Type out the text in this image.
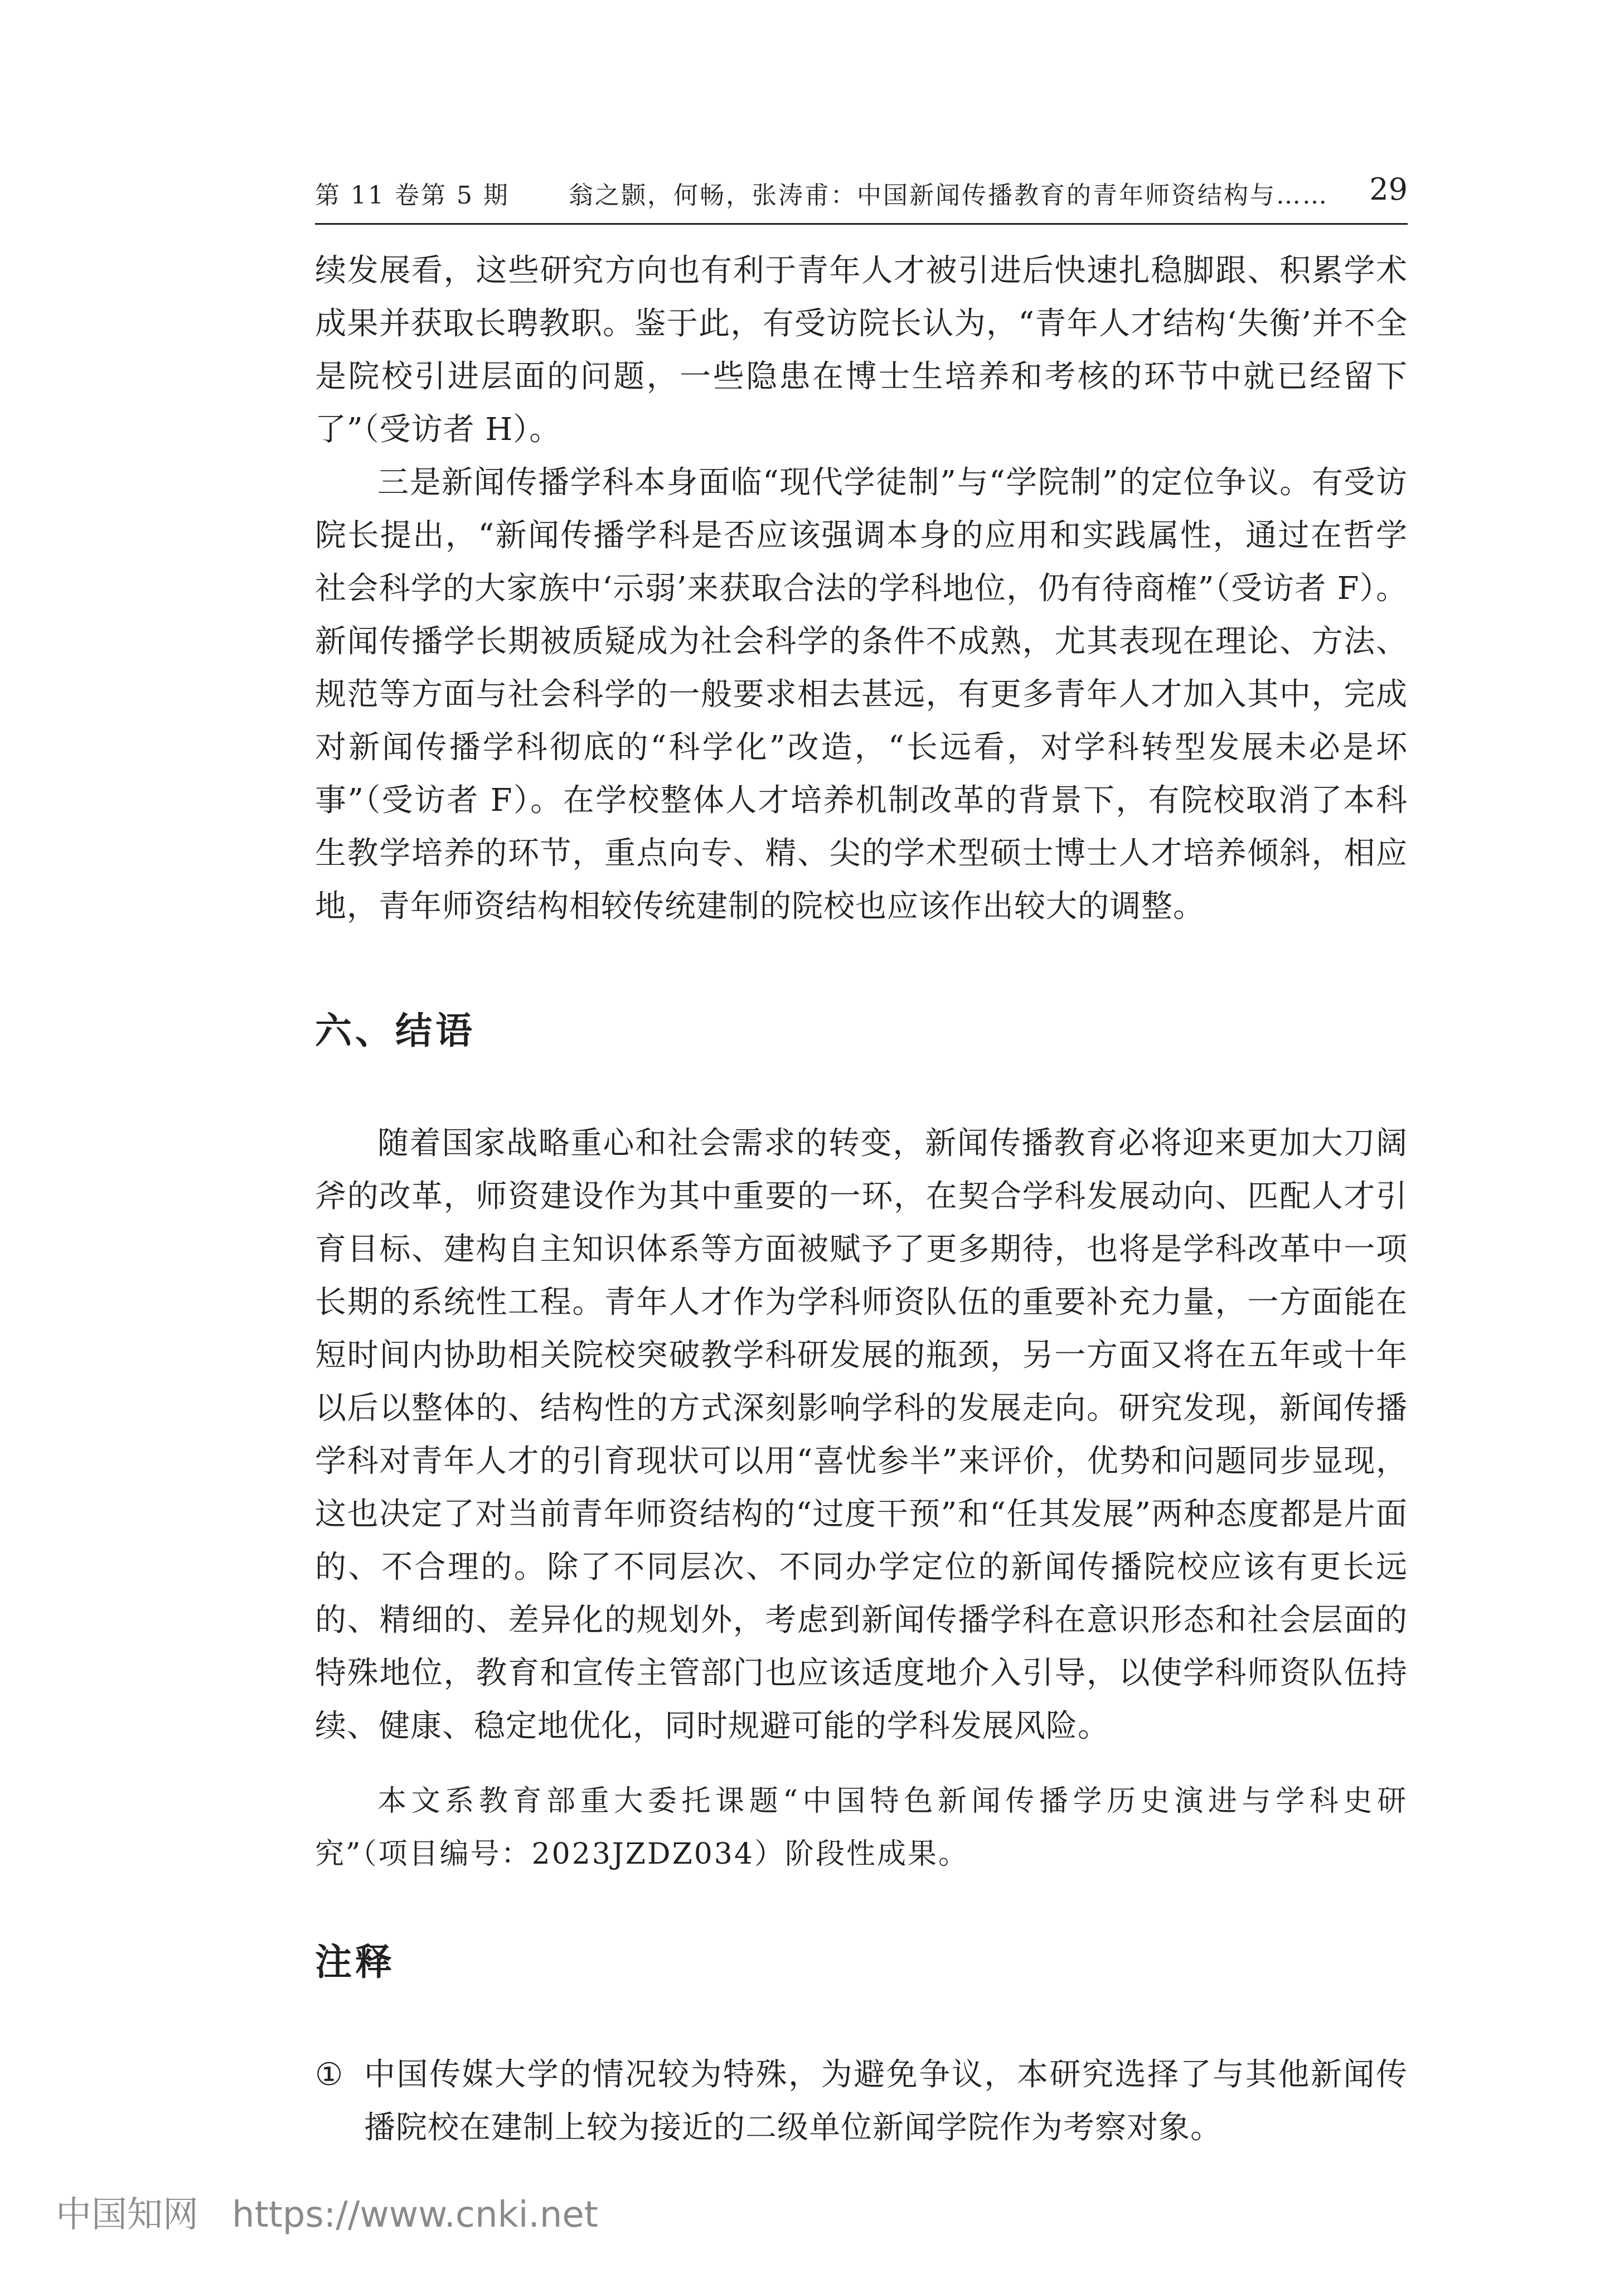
第 11 卷第 5 期 翁之颢，何畅，张涛甫：中国新闻传播教育的青年师资结构与…… 29

续发展看，这些研究方向也有利于青年人才被引进后快速扎稳脚跟、积累学术成果并获取长聘教职。鉴于此，有受访院长认为，“青年人才结构‘失衡’并不全是院校引进层面的问题，一些隐患在博士生培养和考核的环节中就已经留下了”（受访者 H）。

三是新闻传播学科本身面临“现代学徒制”与“学院制”的定位争议。有受访院长提出，“新闻传播学科是否应该强调本身的应用和实践属性，通过在哲学社会科学的大家族中‘示弱’来获取合法的学科地位，仍有待商榷”（受访者 F）。新闻传播学长期被质疑成为社会科学的条件不成熟，尤其表现在理论、方法、规范等方面与社会科学的一般要求相去甚远，有更多青年人才加入其中，完成对新闻传播学科彻底的“科学化”改造，“长远看，对学科转型发展未必是坏事”（受访者 F）。在学校整体人才培养机制改革的背景下，有院校取消了本科生教学培养的环节，重点向专、精、尖的学术型硕士博士人才培养倾斜，相应地，青年师资结构相较传统建制的院校也应该作出较大的调整。

六、结语

随着国家战略重心和社会需求的转变，新闻传播教育必将迎来更加大刀阔斧的改革，师资建设作为其中重要的一环，在契合学科发展动向、匹配人才引育目标、建构自主知识体系等方面被赋予了更多期待，也将是学科改革中一项长期的系统性工程。青年人才作为学科师资队伍的重要补充力量，一方面能在短时间内协助相关院校突破教学科研发展的瓶颈，另一方面又将在五年或十年以后以整体的、结构性的方式深刻影响学科的发展走向。研究发现，新闻传播学科对青年人才的引育现状可以用“喜忧参半”来评价，优势和问题同步显现，这也决定了对当前青年师资结构的“过度干预”和“任其发展”两种态度都是片面的、不合理的。除了不同层次、不同办学定位的新闻传播院校应该有更长远的、精细的、差异化的规划外，考虑到新闻传播学科在意识形态和社会层面的特殊地位，教育和宣传主管部门也应该适度地介入引导，以使学科师资队伍持续、健康、稳定地优化，同时规避可能的学科发展风险。

本文系教育部重大委托课题“中国特色新闻传播学历史演进与学科史研究”（项目编号：2023JZDZ034）阶段性成果。

注释
① 中国传媒大学的情况较为特殊，为避免争议，本研究选择了与其他新闻传播院校在建制上较为接近的二级单位新闻学院作为考察对象。
中国知网 https://www.cnki.net
